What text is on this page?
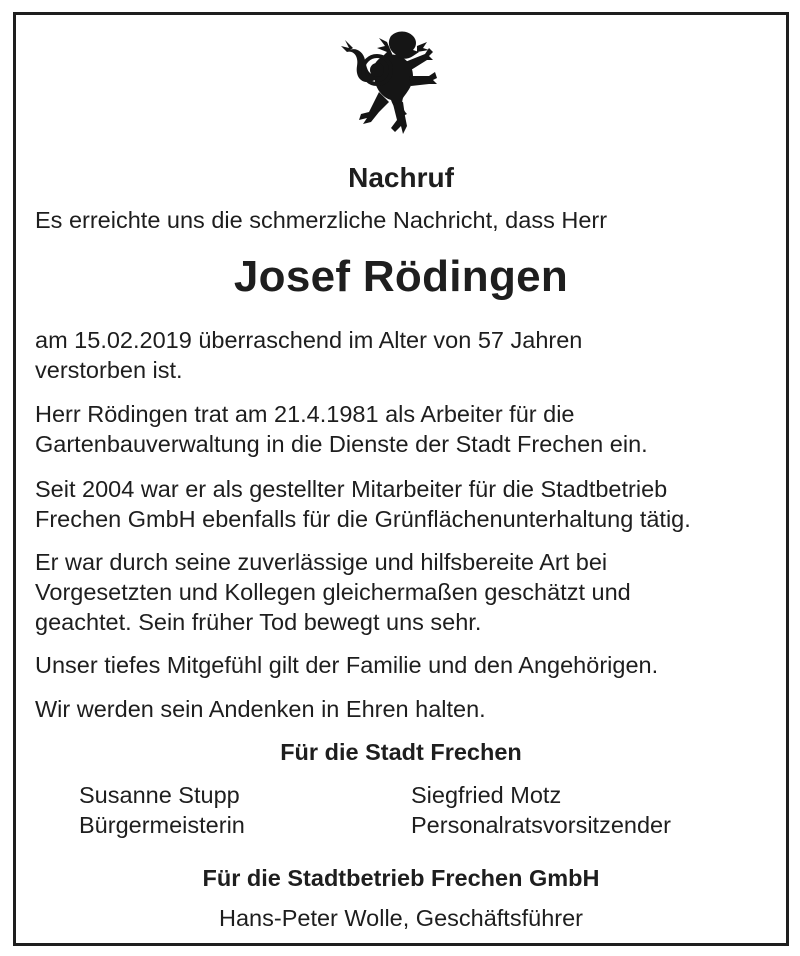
Nachruf
Es erreichte uns die schmerzliche Nachricht, dass Herr
Josef Rödingen
am 15.02.2019 überraschend im Alter von 57 Jahren
verstorben ist.
Herr Rödingen trat am 21.4.1981 als Arbeiter für die
Gartenbauverwaltung in die Dienste der Stadt Frechen ein.
Seit 2004 war er als gestellter Mitarbeiter für die Stadtbetrieb
Frechen GmbH ebenfalls für die Grünflächenunterhaltung tätig.
Er war durch seine zuverlässige und hilfsbereite Art bei
Vorgesetzten und Kollegen gleichermaßen geschätzt und
geachtet. Sein früher Tod bewegt uns sehr.
Unser tiefes Mitgefühl gilt der Familie und den Angehörigen.
Wir werden sein Andenken in Ehren halten.
Für die Stadt Frechen
Susanne Stupp
Bürgermeisterin
Siegfried Motz
Personalratsvorsitzender
Für die Stadtbetrieb Frechen GmbH
Hans-Peter Wolle, Geschäftsführer
